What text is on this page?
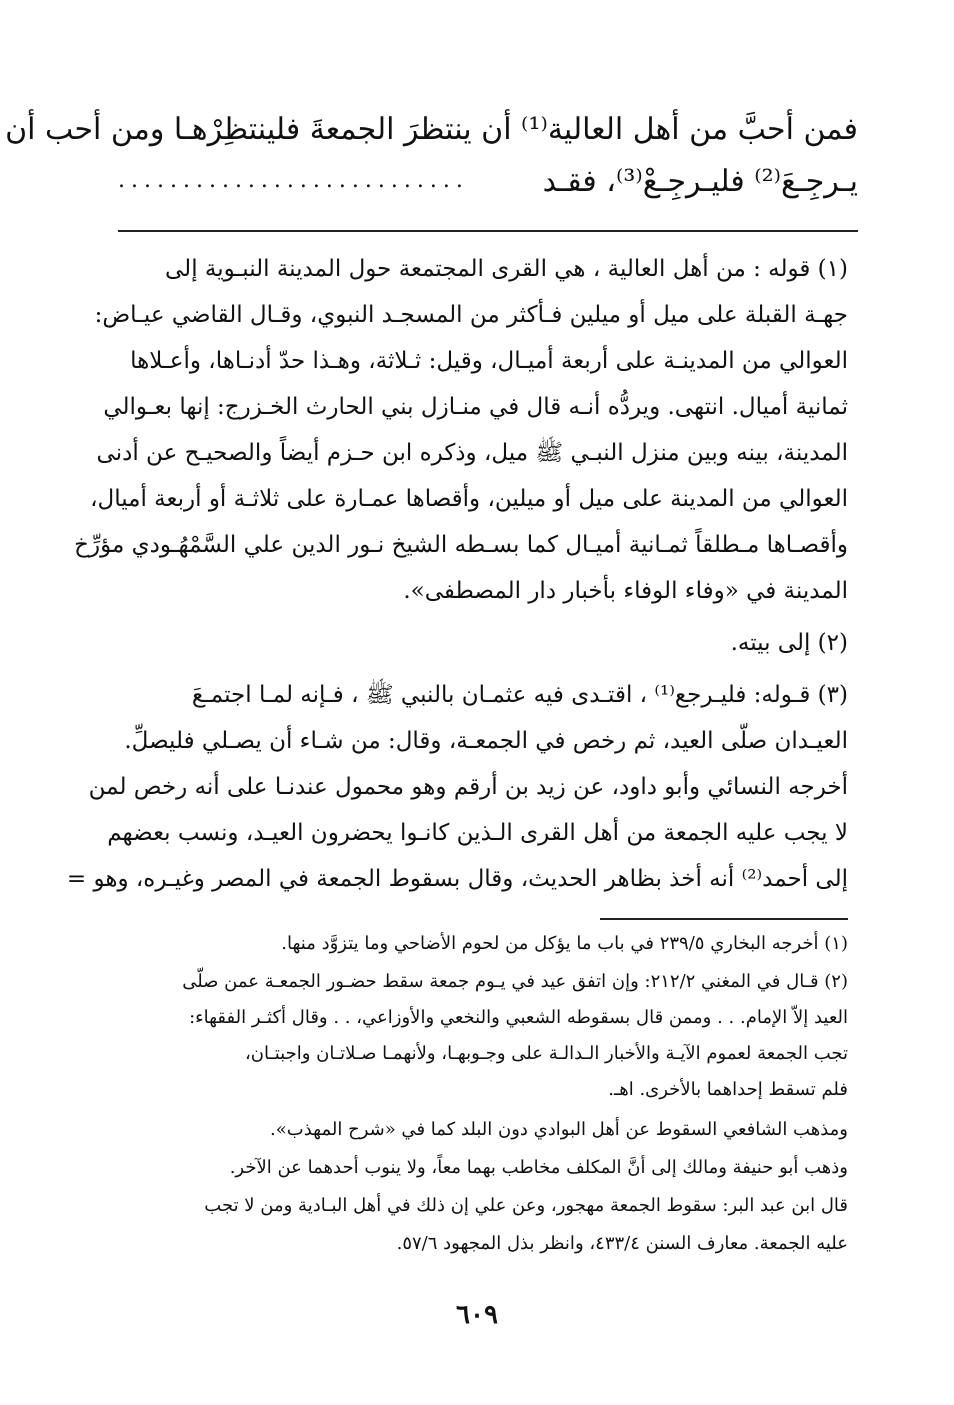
فمن أحبَّ من أهل العالية⁽¹⁾ أن ينتظرَ الجمعةَ فلينتظِرْهـا ومن أحب أن
يـرجِـعَ⁽²⁾ فليـرجِـعْ⁽³⁾، فقـد
...........................
(١) قوله : من أهل العالية ، هي القرى المجتمعة حول المدينة النبـوية إلى
جهـة القبلة على ميل أو ميلين فـأكثر من المسجـد النبوي، وقـال القاضي عيـاض:
العوالي من المدينـة على أربعة أميـال، وقيل: ثـلاثة، وهـذا حدّ أدنـاها، وأعـلاها
ثمانية أميال. انتهى. ويردُّه أنـه قال في منـازل بني الحارث الخـزرج: إنها بعـوالي
المدينة، بينه وبين منزل النبـي ﷺ ميل، وذكره ابن حـزم أيضاً والصحيـح عن أدنى
العوالي من المدينة على ميل أو ميلين، وأقصاها عمـارة على ثلاثـة أو أربعة أميال،
وأقصـاها مـطلقاً ثمـانية أميـال كما بسـطه الشيخ نـور الدين علي السَّمْهُـودي مؤرِّخ
المدينة في «وفاء الوفاء بأخبار دار المصطفى».
(٢) إلى بيته.
(٣) قـوله: فليـرجع⁽¹⁾ ، اقتـدى فيه عثمـان بالنبي ﷺ ، فـإنه لمـا اجتمـعَ
العيـدان صلّى العيد، ثم رخص في الجمعـة، وقال: من شـاء أن يصـلي فليصلِّ.
أخرجه النسائي وأبو داود، عن زيد بن أرقم وهو محمول عندنـا على أنه رخص لمن
لا يجب عليه الجمعة من أهل القرى الـذين كانـوا يحضرون العيـد، ونسب بعضهم
إلى أحمد⁽²⁾ أنه أخذ بظاهر الحديث، وقال بسقوط الجمعة في المصر وغيـره، وهو =
(١) أخرجه البخاري ٢٣٩/٥ في باب ما يؤكل من لحوم الأضاحي وما يتزوَّد منها.
(٢) قـال في المغني ٢١٢/٢: وإن اتفق عيد في يـوم جمعة سقط حضـور الجمعـة عمن صلّى
العيد إلاّ الإمام. . . وممن قال بسقوطه الشعبي والنخعي والأوزاعي، . . وقال أكثـر الفقهاء:
تجب الجمعة لعموم الآيـة والأخبار الـدالـة على وجـوبهـا، ولأنهمـا صـلاتـان واجبتـان،
فلم تسقط إحداهما بالأخرى. اهـ.
ومذهب الشافعي السقوط عن أهل البوادي دون البلد كما في «شرح المهذب».
وذهب أبو حنيفة ومالك إلى أنَّ المكلف مخاطب بهما معاً، ولا ينوب أحدهما عن الآخر.
قال ابن عبد البر: سقوط الجمعة مهجور، وعن علي إن ذلك في أهل البـادية ومن لا تجب
عليه الجمعة. معارف السنن ٤٣٣/٤، وانظر بذل المجهود ٥٧/٦.
٦٠٩
